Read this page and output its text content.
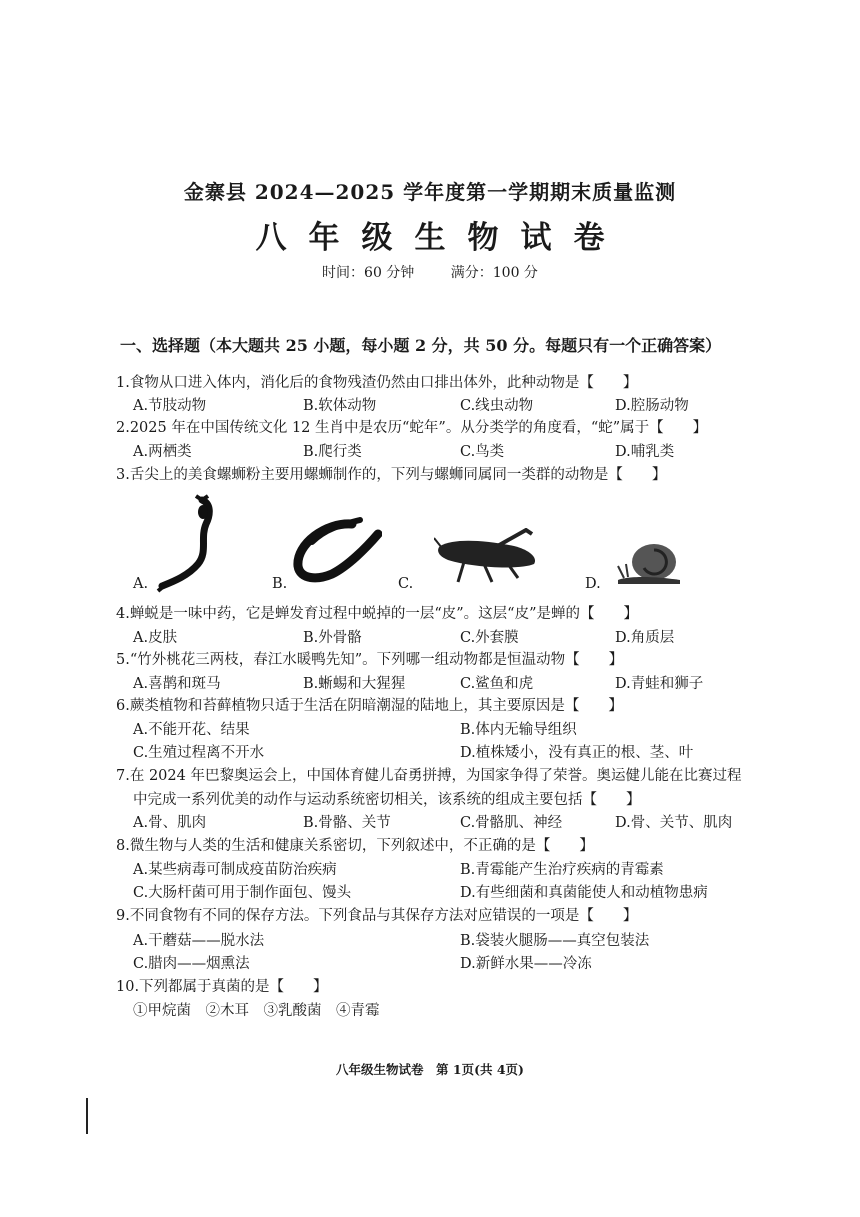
金寨县 2024—2025 学年度第一学期期末质量监测
八年级生物试卷
时间：60 分钟	满分：100 分
一、选择题（本大题共 25 小题，每小题 2 分，共 50 分。每题只有一个正确答案）
1.食物从口进入体内，消化后的食物残渣仍然由口排出体外，此种动物是【　　】
A.节肢动物	B.软体动物	C.线虫动物	D.腔肠动物
2.2025 年在中国传统文化 12 生肖中是农历“蛇年”。从分类学的角度看，“蛇”属于【　　】
A.两栖类	B.爬行类	C.鸟类	D.哺乳类
3.舌尖上的美食螺蛳粉主要用螺蛳制作的，下列与螺蛳同属同一类群的动物是【　　】
A.	B.	C.	D.
4.蝉蜕是一味中药，它是蝉发育过程中蜕掉的一层“皮”。这层“皮”是蝉的【　　】
A.皮肤	B.外骨骼	C.外套膜	D.角质层
5.“竹外桃花三两枝，春江水暖鸭先知”。下列哪一组动物都是恒温动物【　　】
A.喜鹊和斑马	B.蜥蜴和大猩猩	C.鲨鱼和虎	D.青蛙和狮子
6.蕨类植物和苔藓植物只适于生活在阴暗潮湿的陆地上，其主要原因是【　　】
A.不能开花、结果	B.体内无输导组织
C.生殖过程离不开水	D.植株矮小，没有真正的根、茎、叶
7.在 2024 年巴黎奥运会上，中国体育健儿奋勇拼搏，为国家争得了荣誉。奥运健儿能在比赛过程
中完成一系列优美的动作与运动系统密切相关，该系统的组成主要包括【　　】
A.骨、肌肉	B.骨骼、关节	C.骨骼肌、神经	D.骨、关节、肌肉
8.微生物与人类的生活和健康关系密切，下列叙述中，不正确的是【　　】
A.某些病毒可制成疫苗防治疾病	B.青霉能产生治疗疾病的青霉素
C.大肠杆菌可用于制作面包、馒头	D.有些细菌和真菌能使人和动植物患病
9.不同食物有不同的保存方法。下列食品与其保存方法对应错误的一项是【　　】
A.干蘑菇——脱水法	B.袋装火腿肠——真空包装法
C.腊肉——烟熏法	D.新鲜水果——冷冻
10.下列都属于真菌的是【　　】
①甲烷菌　②木耳　③乳酸菌　④青霉
八年级生物试卷　第 1页(共 4页)
